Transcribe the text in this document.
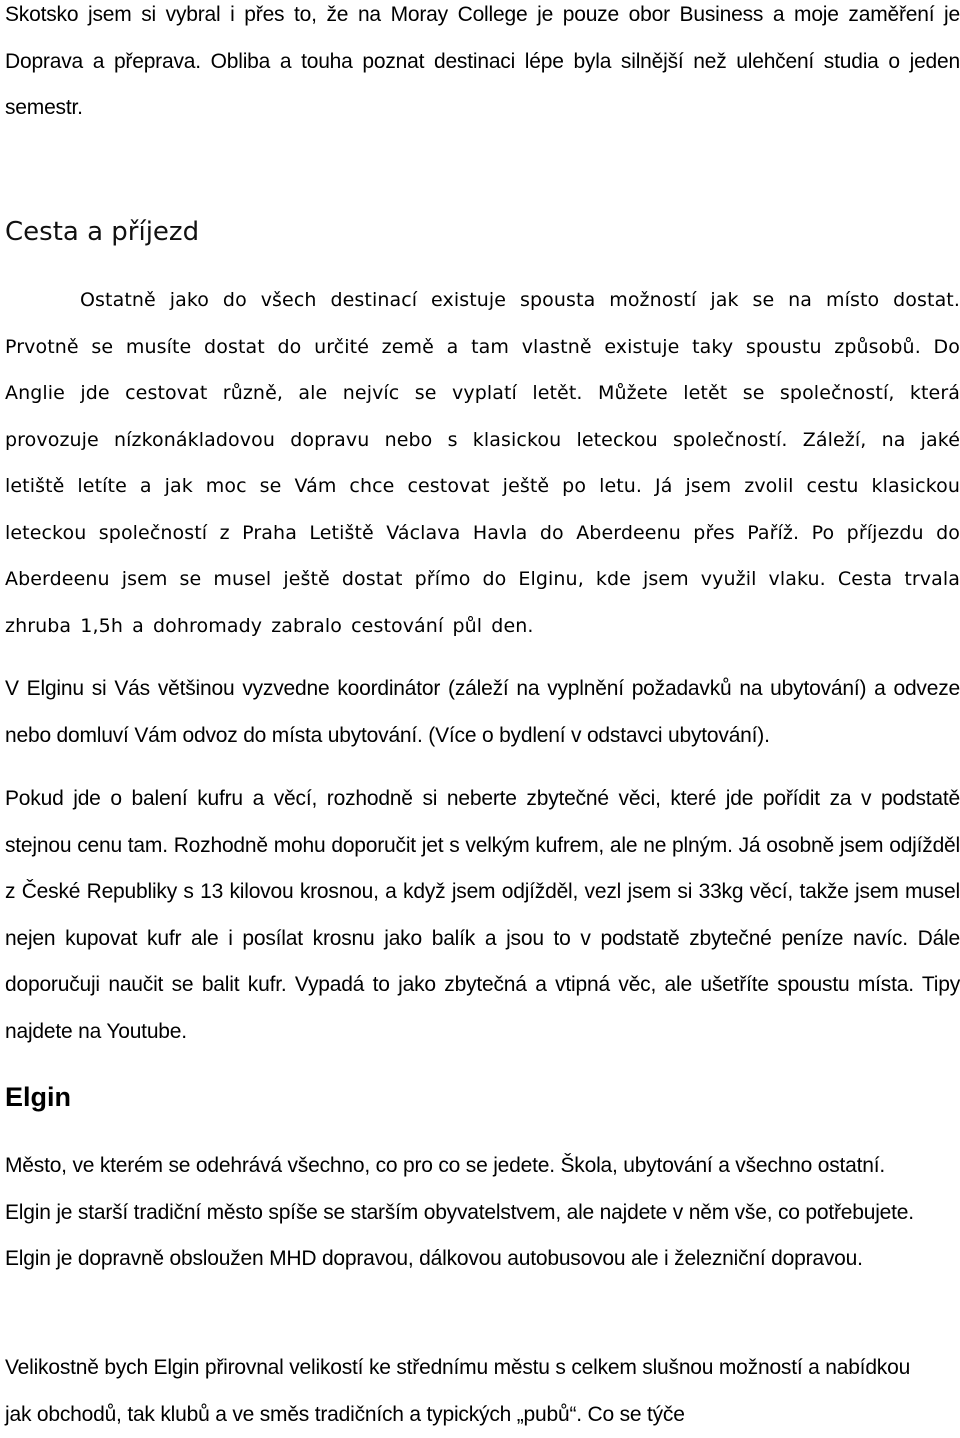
Skotsko jsem si vybral i přes to, že na Moray College je pouze obor Business a moje zaměření je Doprava a přeprava. Obliba a touha poznat destinaci lépe byla silnější než ulehčení studia o jeden semestr.

Cesta a příjezd

Ostatně jako do všech destinací existuje spousta možností jak se na místo dostat. Prvotně se musíte dostat do určité země a tam vlastně existuje taky spoustu způsobů. Do Anglie jde cestovat různě, ale nejvíc se vyplatí letět. Můžete letět se společností, která provozuje nízkonákladovou dopravu nebo s klasickou leteckou společností. Záleží, na jaké letiště letíte a jak moc se Vám chce cestovat ještě po letu. Já jsem zvolil cestu klasickou leteckou společností z Praha Letiště Václava Havla do Aberdeenu přes Paříž. Po příjezdu do Aberdeenu jsem se musel ještě dostat přímo do Elginu, kde jsem využil vlaku. Cesta trvala zhruba 1,5h a dohromady zabralo cestování půl den.

V Elginu si Vás většinou vyzvedne koordinátor (záleží na vyplnění požadavků na ubytování) a odveze nebo domluví Vám odvoz do místa ubytování. (Více o bydlení v odstavci ubytování).

Pokud jde o balení kufru a věcí, rozhodně si neberte zbytečné věci, které jde pořídit za v podstatě stejnou cenu tam. Rozhodně mohu doporučit jet s velkým kufrem, ale ne plným. Já osobně jsem odjížděl z České Republiky s 13 kilovou krosnou, a když jsem odjížděl, vezl jsem si 33kg věcí, takže jsem musel nejen kupovat kufr ale i posílat krosnu jako balík a jsou to v podstatě zbytečné peníze navíc. Dále doporučuji naučit se balit kufr. Vypadá to jako zbytečná a vtipná věc, ale ušetříte spoustu místa. Tipy najdete na Youtube.

Elgin

Město, ve kterém se odehrává všechno, co pro co se jedete. Škola, ubytování a všechno ostatní. Elgin je starší tradiční město spíše se starším obyvatelstvem, ale najdete v něm vše, co potřebujete. Elgin je dopravně obsloužen MHD dopravou, dálkovou autobusovou ale i železniční dopravou.

Velikostně bych Elgin přirovnal velikostí ke střednímu městu s celkem slušnou možností a nabídkou jak obchodů, tak klubů a ve směs tradičních a typických „pubů“. Co se týče
